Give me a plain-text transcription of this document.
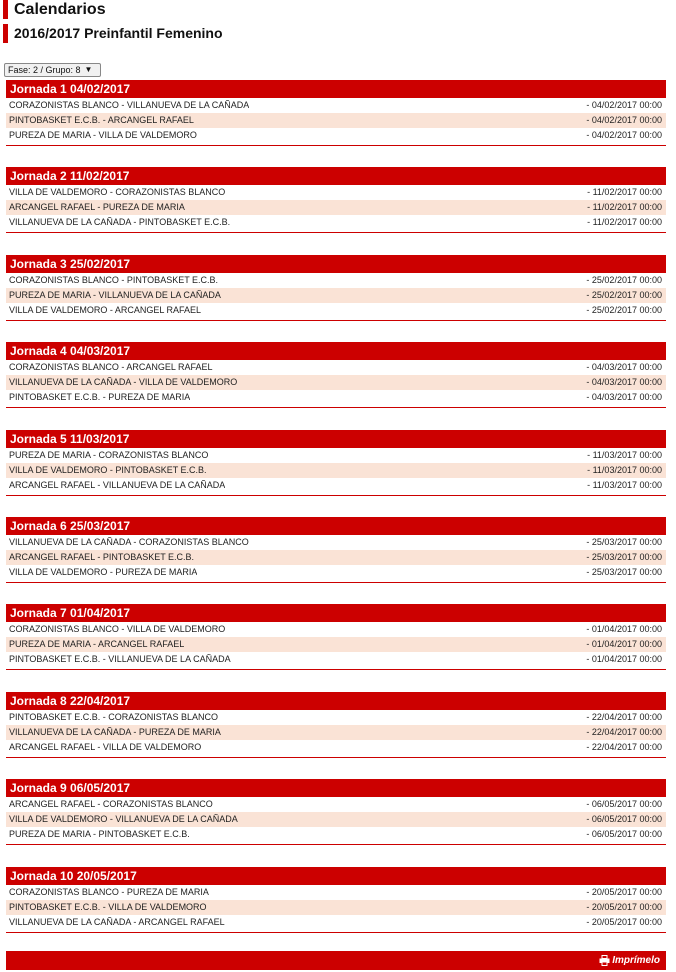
Calendarios
2016/2017 Preinfantil Femenino
Fase: 2 / Grupo: 8 ▼
Jornada 1 04/02/2017
CORAZONISTAS BLANCO - VILLANUEVA DE LA CAÑADA	- 04/02/2017 00:00
PINTOBASKET E.C.B. - ARCANGEL RAFAEL	- 04/02/2017 00:00
PUREZA DE MARIA - VILLA DE VALDEMORO	- 04/02/2017 00:00
Jornada 2 11/02/2017
VILLA DE VALDEMORO - CORAZONISTAS BLANCO	- 11/02/2017 00:00
ARCANGEL RAFAEL - PUREZA DE MARIA	- 11/02/2017 00:00
VILLANUEVA DE LA CAÑADA - PINTOBASKET E.C.B.	- 11/02/2017 00:00
Jornada 3 25/02/2017
CORAZONISTAS BLANCO - PINTOBASKET E.C.B.	- 25/02/2017 00:00
PUREZA DE MARIA - VILLANUEVA DE LA CAÑADA	- 25/02/2017 00:00
VILLA DE VALDEMORO - ARCANGEL RAFAEL	- 25/02/2017 00:00
Jornada 4 04/03/2017
CORAZONISTAS BLANCO - ARCANGEL RAFAEL	- 04/03/2017 00:00
VILLANUEVA DE LA CAÑADA - VILLA DE VALDEMORO	- 04/03/2017 00:00
PINTOBASKET E.C.B. - PUREZA DE MARIA	- 04/03/2017 00:00
Jornada 5 11/03/2017
PUREZA DE MARIA - CORAZONISTAS BLANCO	- 11/03/2017 00:00
VILLA DE VALDEMORO - PINTOBASKET E.C.B.	- 11/03/2017 00:00
ARCANGEL RAFAEL - VILLANUEVA DE LA CAÑADA	- 11/03/2017 00:00
Jornada 6 25/03/2017
VILLANUEVA DE LA CAÑADA - CORAZONISTAS BLANCO	- 25/03/2017 00:00
ARCANGEL RAFAEL - PINTOBASKET E.C.B.	- 25/03/2017 00:00
VILLA DE VALDEMORO - PUREZA DE MARIA	- 25/03/2017 00:00
Jornada 7 01/04/2017
CORAZONISTAS BLANCO - VILLA DE VALDEMORO	- 01/04/2017 00:00
PUREZA DE MARIA - ARCANGEL RAFAEL	- 01/04/2017 00:00
PINTOBASKET E.C.B. - VILLANUEVA DE LA CAÑADA	- 01/04/2017 00:00
Jornada 8 22/04/2017
PINTOBASKET E.C.B. - CORAZONISTAS BLANCO	- 22/04/2017 00:00
VILLANUEVA DE LA CAÑADA - PUREZA DE MARIA	- 22/04/2017 00:00
ARCANGEL RAFAEL - VILLA DE VALDEMORO	- 22/04/2017 00:00
Jornada 9 06/05/2017
ARCANGEL RAFAEL - CORAZONISTAS BLANCO	- 06/05/2017 00:00
VILLA DE VALDEMORO - VILLANUEVA DE LA CAÑADA	- 06/05/2017 00:00
PUREZA DE MARIA - PINTOBASKET E.C.B.	- 06/05/2017 00:00
Jornada 10 20/05/2017
CORAZONISTAS BLANCO - PUREZA DE MARIA	- 20/05/2017 00:00
PINTOBASKET E.C.B. - VILLA DE VALDEMORO	- 20/05/2017 00:00
VILLANUEVA DE LA CAÑADA - ARCANGEL RAFAEL	- 20/05/2017 00:00
Imprímelo
